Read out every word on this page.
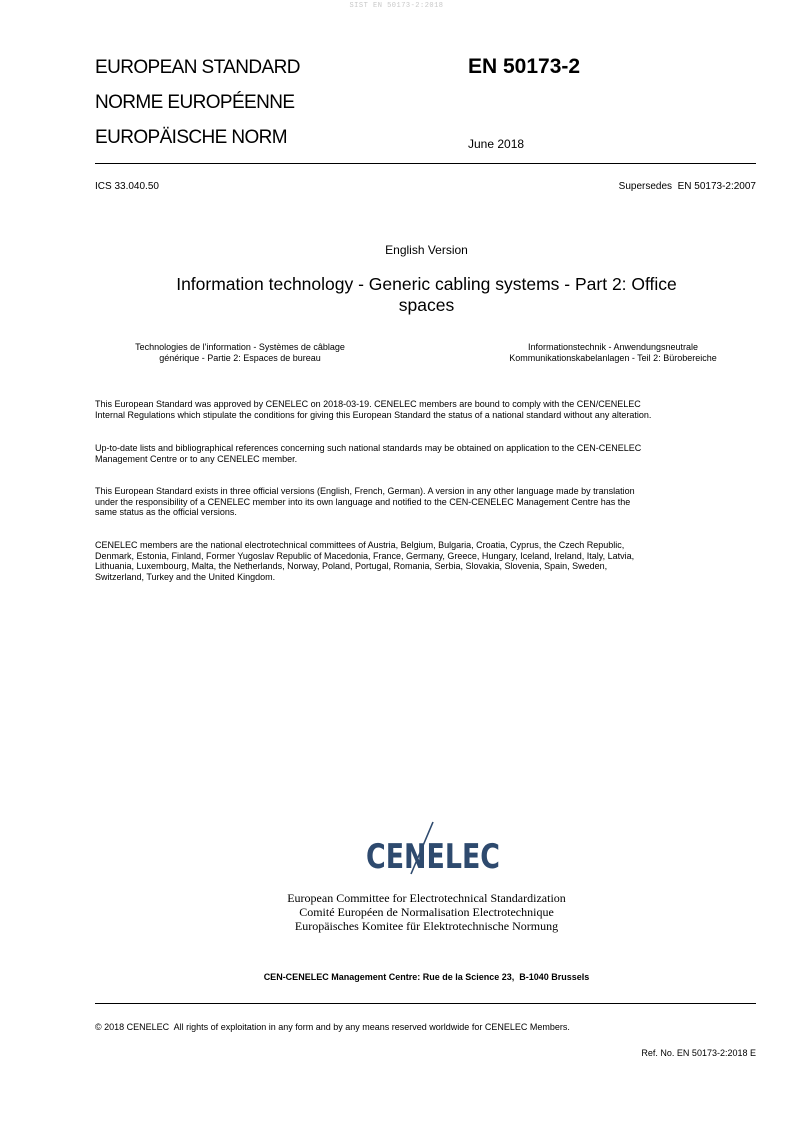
SIST EN 50173-2:2018
EUROPEAN STANDARD
NORME EUROPÉENNE
EUROPÄISCHE NORM
EN 50173-2
June 2018
ICS 33.040.50	Supersedes  EN 50173-2:2007
English Version
Information technology - Generic cabling systems - Part 2: Office
spaces
Technologies de l'information - Systèmes de câblage
générique - Partie 2: Espaces de bureau
Informationstechnik - Anwendungsneutrale
Kommunikationskabelanlagen - Teil 2: Bürobereiche
This European Standard was approved by CENELEC on 2018-03-19. CENELEC members are bound to comply with the CEN/CENELEC
Internal Regulations which stipulate the conditions for giving this European Standard the status of a national standard without any alteration.
Up-to-date lists and bibliographical references concerning such national standards may be obtained on application to the CEN-CENELEC
Management Centre or to any CENELEC member.
This European Standard exists in three official versions (English, French, German). A version in any other language made by translation
under the responsibility of a CENELEC member into its own language and notified to the CEN-CENELEC Management Centre has the
same status as the official versions.
CENELEC members are the national electrotechnical committees of Austria, Belgium, Bulgaria, Croatia, Cyprus, the Czech Republic,
Denmark, Estonia, Finland, Former Yugoslav Republic of Macedonia, France, Germany, Greece, Hungary, Iceland, Ireland, Italy, Latvia,
Lithuania, Luxembourg, Malta, the Netherlands, Norway, Poland, Portugal, Romania, Serbia, Slovakia, Slovenia, Spain, Sweden,
Switzerland, Turkey and the United Kingdom.
CENELEC
European Committee for Electrotechnical Standardization
Comité Européen de Normalisation Electrotechnique
Europäisches Komitee für Elektrotechnische Normung
CEN-CENELEC Management Centre: Rue de la Science 23,  B-1040 Brussels
© 2018 CENELEC  All rights of exploitation in any form and by any means reserved worldwide for CENELEC Members.
Ref. No. EN 50173-2:2018 E
